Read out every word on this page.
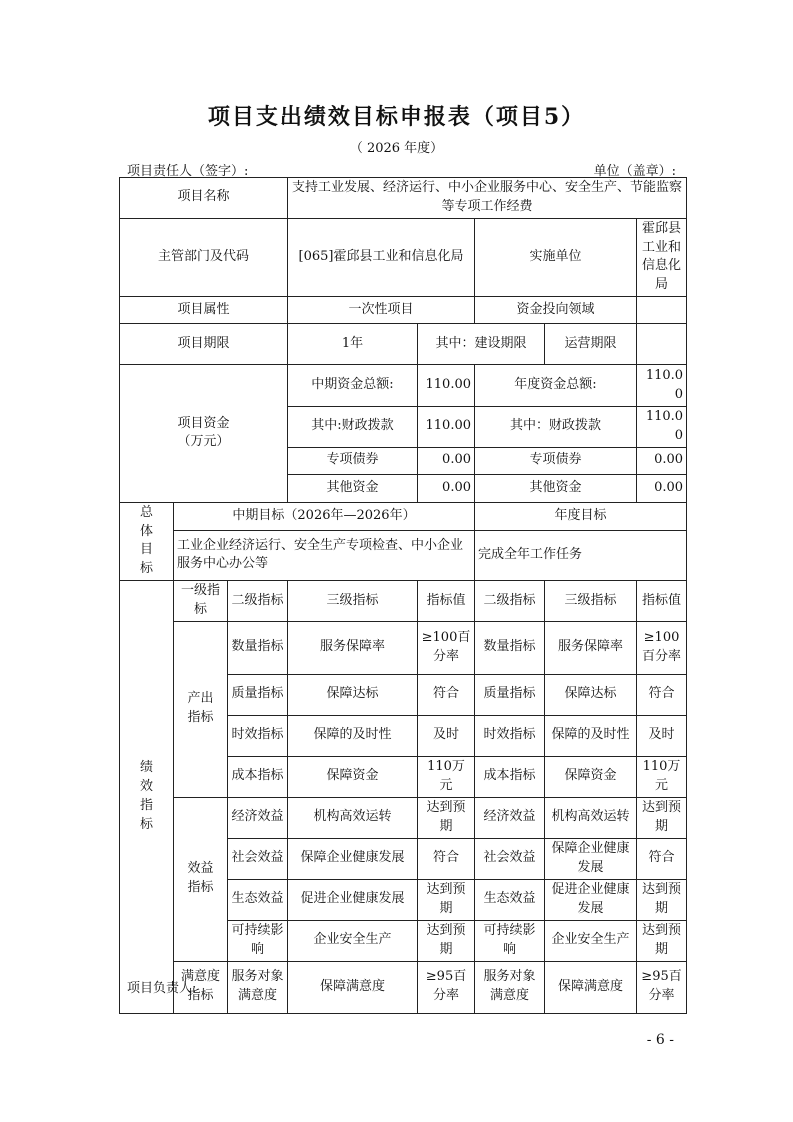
项目支出绩效目标申报表（项目5）
（ 2026 年度）
项目责任人（签字）:	单位（盖章）:
项目名称			支持工业发展、经济运行、中小企业服务中心、安全生产、节能监察等专项工作经费				
主管部门及代码			[065]霍邱县工业和信息化局		实施单位		霍邱县工业和信息化局
项目属性			一次性项目		资金投向领域		
项目期限			1年	其中：建设期限		运营期限	
项目资金
（万元）			中期资金总额:	110.00	年度资金总额:		110.00
			其中:财政拨款	110.00	其中：财政拨款		110.00
			专项债券	0.00	专项债券		0.00
			其他资金	0.00	其他资金		0.00
总
体
目
标	中期目标（2026年—2026年）				年度目标		
	工业企业经济运行、安全生产专项检查、中小企业服务中心办公等				完成全年工作任务		
绩
效
指
标	一级指标	二级指标	三级指标	指标值	二级指标	三级指标	指标值
	产出
指标	数量指标	服务保障率	≥100百分率	数量指标	服务保障率	≥100百分率
		质量指标	保障达标	符合	质量指标	保障达标	符合
		时效指标	保障的及时性	及时	时效指标	保障的及时性	及时
		成本指标	保障资金	110万元	成本指标	保障资金	110万元
	效益
指标	经济效益	机构高效运转	达到预期	经济效益	机构高效运转	达到预期
		社会效益	保障企业健康发展	符合	社会效益	保障企业健康发展	符合
		生态效益	促进企业健康发展	达到预期	生态效益	促进企业健康发展	达到预期
		可持续影响	企业安全生产	达到预期	可持续影响	企业安全生产	达到预期
	满意度指标	服务对象满意度	保障满意度	≥95百分率	服务对象满意度	保障满意度	≥95百分率
项目负责人:
- 6 -
